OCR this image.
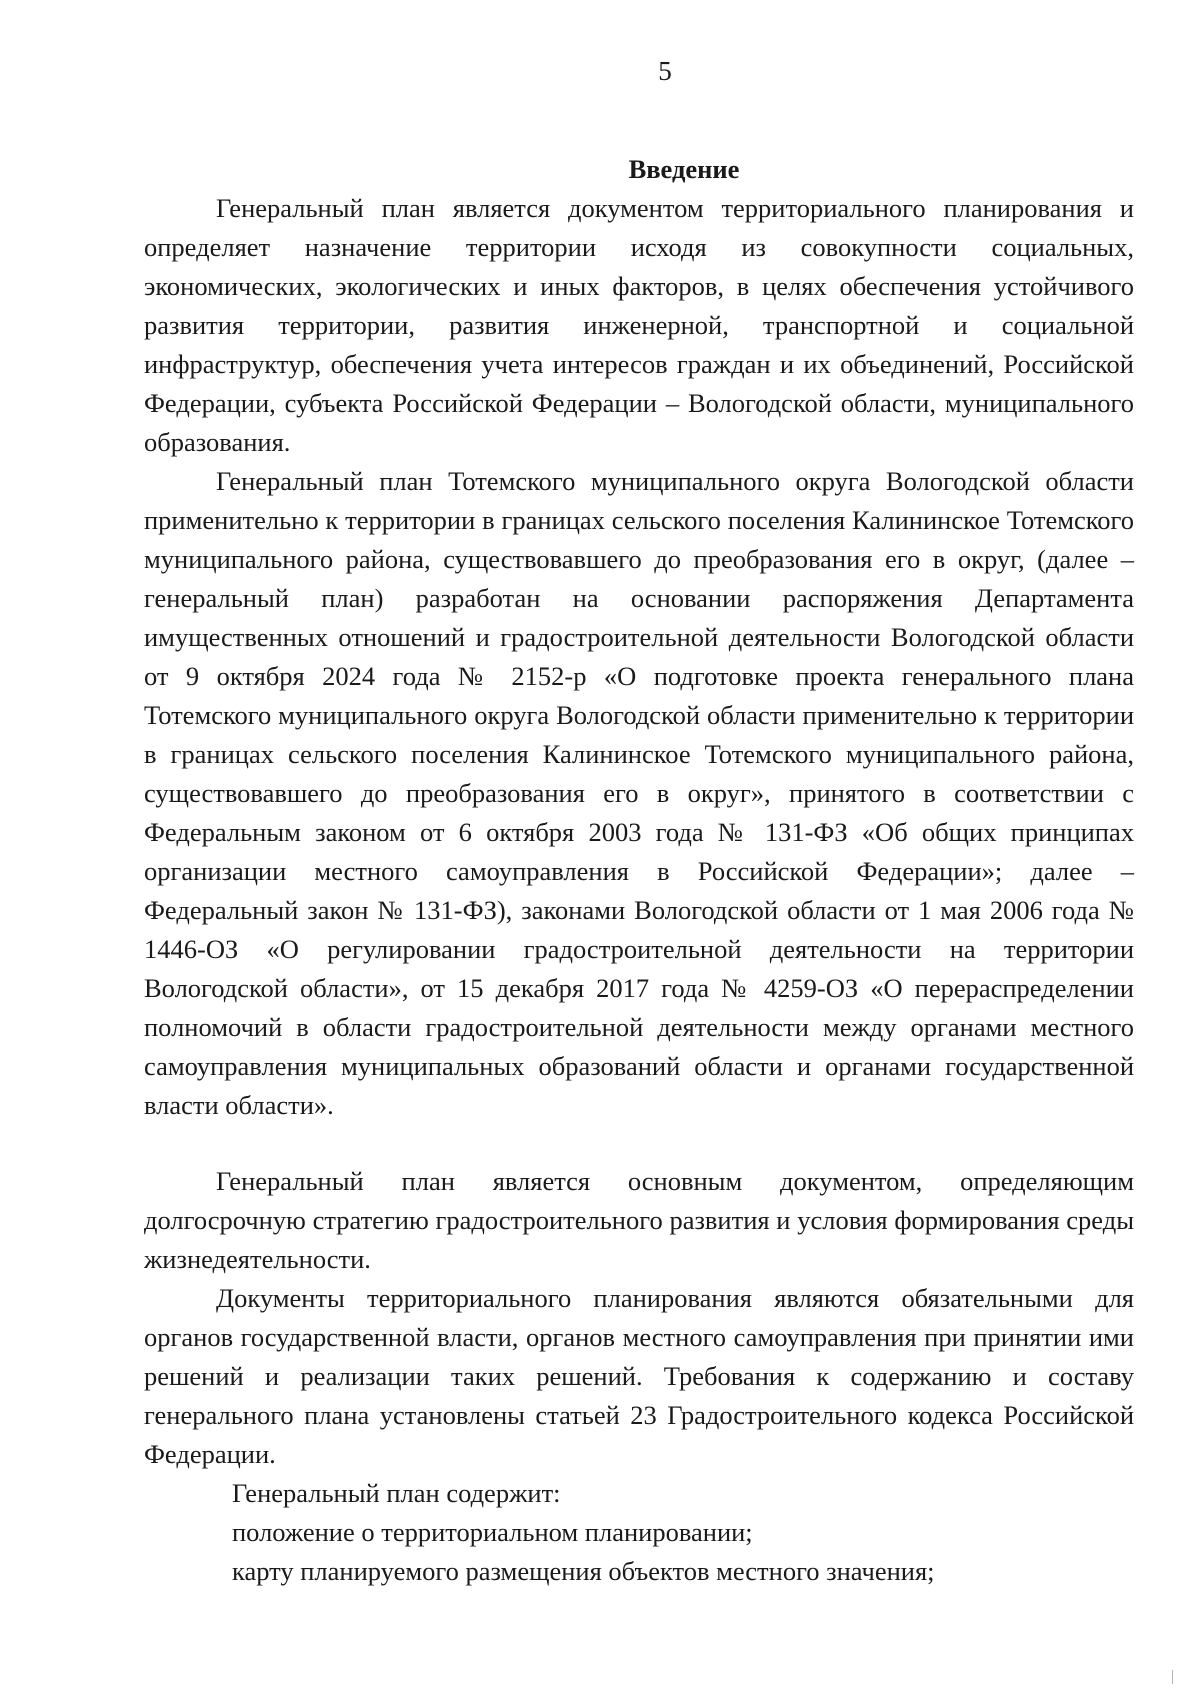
5
Введение

Генеральный план является документом территориального планирования и определяет назначение территории исходя из совокупности социальных, экономических, экологических и иных факторов, в целях обеспечения устойчивого развития территории, развития инженерной, транспортной и социальной инфраструктур, обеспечения учета интересов граждан и их объединений, Российской Федерации, субъекта Российской Федерации – Вологодской области, муниципального образования.

Генеральный план Тотемского муниципального округа Вологодской области применительно к территории в границах сельского поселения Калининское Тотемского муниципального района, существовавшего до преобразования его в округ, (далее – генеральный план) разработан на основании распоряжения Департамента имущественных отношений и градостроительной деятельности Вологодской области от 9 октября 2024 года № 2152-р «О подготовке проекта генерального плана Тотемского муниципального округа Вологодской области применительно к территории в границах сельского поселения Калининское Тотемского муниципального района, существовавшего до преобразования его в округ», принятого в соответствии с Федеральным законом от 6 октября 2003 года № 131-ФЗ «Об общих принципах организации местного самоуправления в Российской Федерации»; далее – Федеральный закон № 131-ФЗ), законами Вологодской области от 1 мая 2006 года № 1446-ОЗ «О регулировании градостроительной деятельности на территории Вологодской области», от 15 декабря 2017 года № 4259-ОЗ «О перераспределении полномочий в области градостроительной деятельности между органами местного самоуправления муниципальных образований области и органами государственной власти области».

Генеральный план является основным документом, определяющим долгосрочную стратегию градостроительного развития и условия формирования среды жизнедеятельности.

Документы территориального планирования являются обязательными для органов государственной власти, органов местного самоуправления при принятии ими решений и реализации таких решений. Требования к содержанию и составу генерального плана установлены статьей 23 Градостроительного кодекса Российской Федерации.

Генеральный план содержит:

положение о территориальном планировании;

карту планируемого размещения объектов местного значения;
